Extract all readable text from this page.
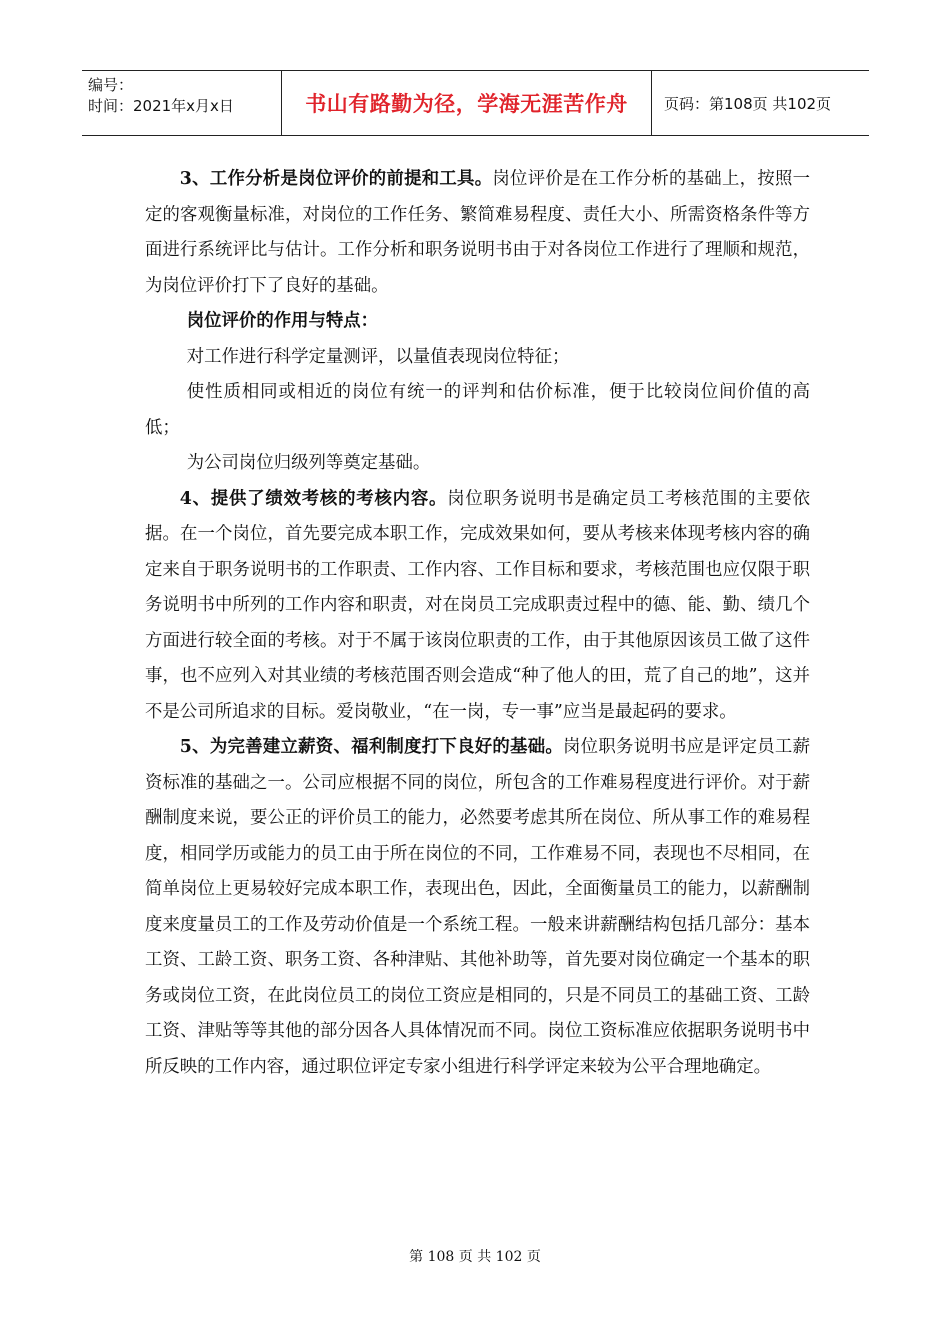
编号：
时间：2021年x月x日	书山有路勤为径，学海无涯苦作舟 页码：第108页 共102页

3、工作分析是岗位评价的前提和工具。岗位评价是在工作分析的基础上，按照一定的客观衡量标准，对岗位的工作任务、繁简难易程度、责任大小、所需资格条件等方面进行系统评比与估计。工作分析和职务说明书由于对各岗位工作进行了理顺和规范，为岗位评价打下了良好的基础。

岗位评价的作用与特点：

对工作进行科学定量测评，以量值表现岗位特征；

使性质相同或相近的岗位有统一的评判和估价标准，便于比较岗位间价值的高低；

为公司岗位归级列等奠定基础。

4、提供了绩效考核的考核内容。岗位职务说明书是确定员工考核范围的主要依据。在一个岗位，首先要完成本职工作，完成效果如何，要从考核来体现考核内容的确定来自于职务说明书的工作职责、工作内容、工作目标和要求，考核范围也应仅限于职务说明书中所列的工作内容和职责，对在岗员工完成职责过程中的德、能、勤、绩几个方面进行较全面的考核。对于不属于该岗位职责的工作，由于其他原因该员工做了这件事，也不应列入对其业绩的考核范围否则会造成“种了他人的田，荒了自己的地”，这并不是公司所追求的目标。爱岗敬业，“在一岗，专一事”应当是最起码的要求。

5、为完善建立薪资、福利制度打下良好的基础。岗位职务说明书应是评定员工薪资标准的基础之一。公司应根据不同的岗位，所包含的工作难易程度进行评价。对于薪酬制度来说，要公正的评价员工的能力，必然要考虑其所在岗位、所从事工作的难易程度，相同学历或能力的员工由于所在岗位的不同，工作难易不同，表现也不尽相同，在简单岗位上更易较好完成本职工作，表现出色，因此，全面衡量员工的能力，以薪酬制度来度量员工的工作及劳动价值是一个系统工程。一般来讲薪酬结构包括几部分：基本工资、工龄工资、职务工资、各种津贴、其他补助等，首先要对岗位确定一个基本的职务或岗位工资，在此岗位员工的岗位工资应是相同的，只是不同员工的基础工资、工龄工资、津贴等等其他的部分因各人具体情况而不同。岗位工资标准应依据职务说明书中所反映的工作内容，通过职位评定专家小组进行科学评定来较为公平合理地确定。

第 108 页 共 102 页
